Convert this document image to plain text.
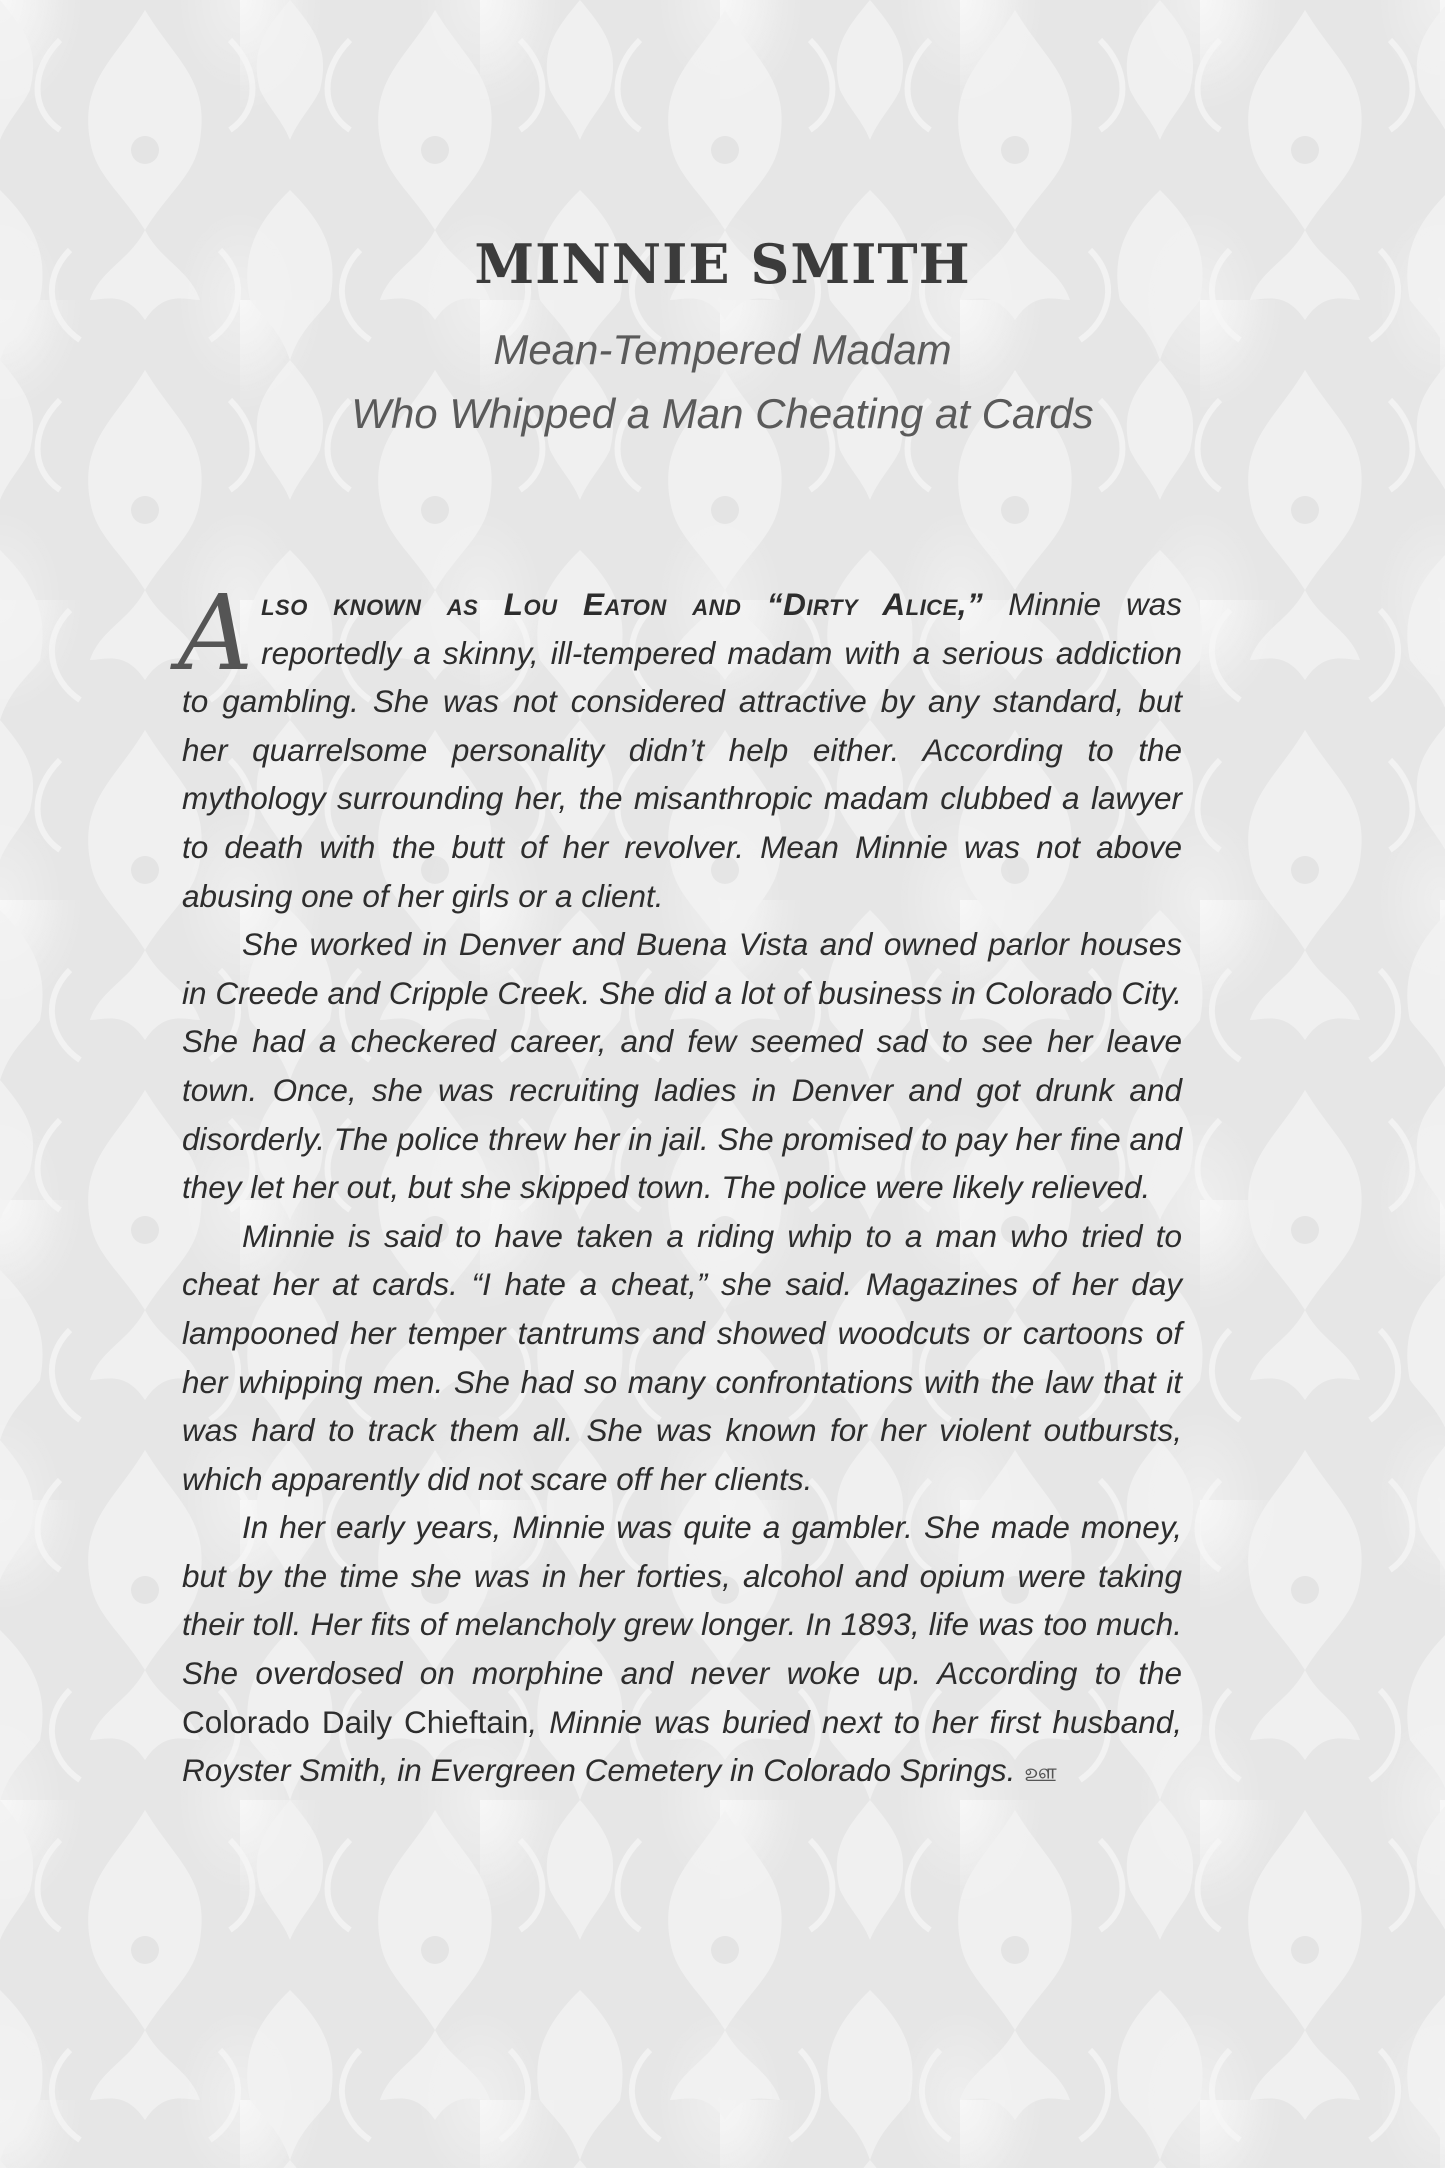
MINNIE SMITH
Mean-Tempered Madam
Who Whipped a Man Cheating at Cards

Also known as Lou Eaton and “Dirty Alice,” Minnie was reportedly a skinny, ill-tempered madam with a serious addiction to gambling. She was not considered attractive by any standard, but her quarrelsome personality didn’t help either. According to the mythology surrounding her, the misanthropic madam clubbed a lawyer to death with the butt of her revolver. Mean Minnie was not above abusing one of her girls or a client.

She worked in Denver and Buena Vista and owned parlor houses in Creede and Cripple Creek. She did a lot of business in Colorado City. She had a checkered career, and few seemed sad to see her leave town. Once, she was recruiting ladies in Denver and got drunk and disorderly. The police threw her in jail. She promised to pay her fine and they let her out, but she skipped town. The police were likely relieved.

Minnie is said to have taken a riding whip to a man who tried to cheat her at cards. “I hate a cheat,” she said. Magazines of her day lampooned her temper tantrums and showed woodcuts or cartoons of her whipping men. She had so many confrontations with the law that it was hard to track them all. She was known for her violent outbursts, which apparently did not scare off her clients.

In her early years, Minnie was quite a gambler. She made money, but by the time she was in her forties, alcohol and opium were taking their toll. Her fits of melancholy grew longer. In 1893, life was too much. She overdosed on morphine and never woke up. According to the Colorado Daily Chieftain, Minnie was buried next to her first husband, Royster Smith, in Evergreen Cemetery in Colorado Springs. ஊ
